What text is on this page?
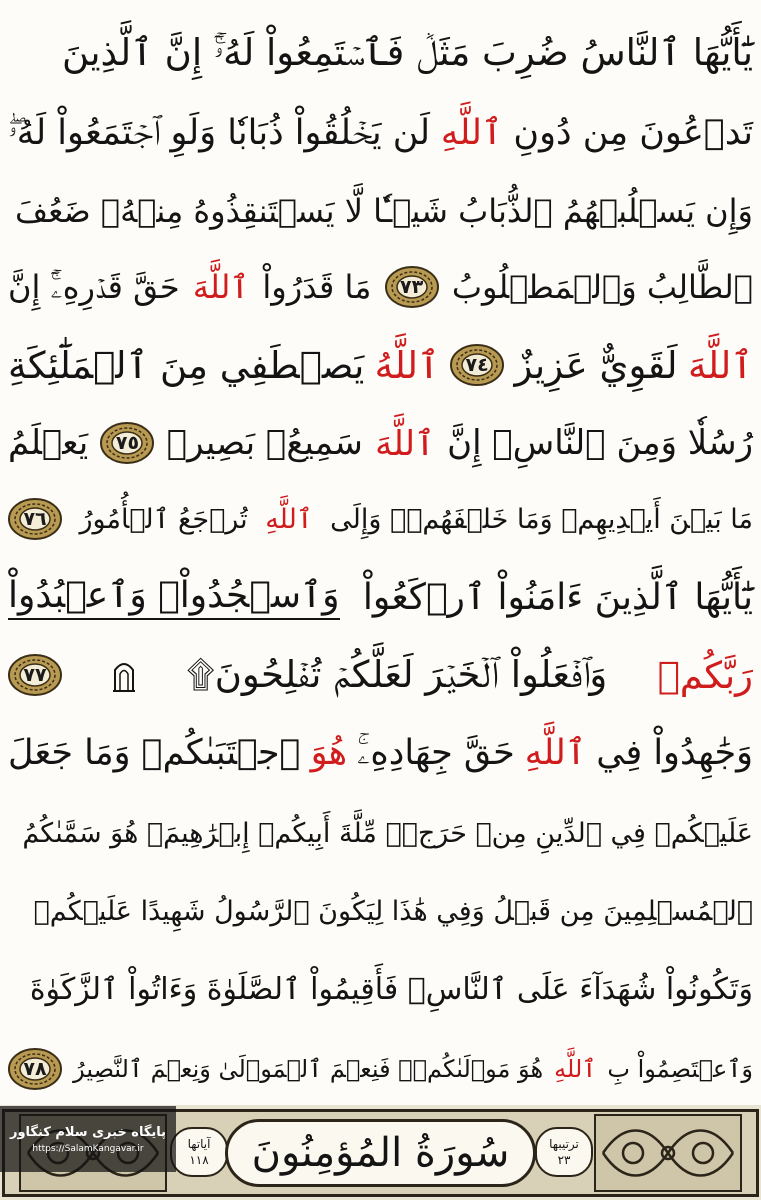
يَٰٓأَيُّهَا ٱلنَّاسُ ضُرِبَ مَثَلٞ فَٱسۡتَمِعُواْ لَهُۥٓۚ إِنَّ ٱلَّذِينَ
تَدۡعُونَ مِن دُونِ
ٱللَّهِ
لَن يَخۡلُقُواْ ذُبَابٗا وَلَوِ ٱجۡتَمَعُواْ لَهُۥۖ
وَإِن يَسۡلُبۡهُمُ ٱلذُّبَابُ شَيۡـٔٗا لَّا يَسۡتَنقِذُوهُ مِنۡهُۚ ضَعُفَ
ٱلطَّالِبُ وَٱلۡمَطۡلُوبُ
٧٣
مَا قَدَرُواْ
ٱللَّهَ
حَقَّ قَدۡرِهِۦٓۚ إِنَّ
ٱللَّهَ
لَقَوِيٌّ عَزِيزٌ
٧٤
ٱللَّهُ
يَصۡطَفِي مِنَ ٱلۡمَلَٰٓئِكَةِ
رُسُلٗا وَمِنَ ٱلنَّاسِۚ إِنَّ
ٱللَّهَ
سَمِيعُۢ بَصِيرٞ
٧٥
يَعۡلَمُ
مَا بَيۡنَ أَيۡدِيهِمۡ وَمَا خَلۡفَهُمۡۗ وَإِلَى
ٱللَّهِ
تُرۡجَعُ ٱلۡأُمُورُ
٧٦
يَٰٓأَيُّهَا ٱلَّذِينَ ءَامَنُواْ ٱرۡكَعُواْ
وَٱسۡجُدُواْۤ وَٱعۡبُدُواْ
رَبَّكُمۡ
وَٱفۡعَلُواْ ٱلۡخَيۡرَ لَعَلَّكُمۡ تُفۡلِحُونَ۩
٧٧
وَجَٰهِدُواْ فِي
ٱللَّهِ
حَقَّ جِهَادِهِۦۚ
هُوَ
ٱجۡتَبَىٰكُمۡ وَمَا جَعَلَ
عَلَيۡكُمۡ فِي ٱلدِّينِ مِنۡ حَرَجٖۚ مِّلَّةَ أَبِيكُمۡ إِبۡرَٰهِيمَۚ هُوَ سَمَّىٰكُمُ
ٱلۡمُسۡلِمِينَ مِن قَبۡلُ وَفِي هَٰذَا لِيَكُونَ ٱلرَّسُولُ شَهِيدًا عَلَيۡكُمۡ
وَتَكُونُواْ شُهَدَآءَ عَلَى ٱلنَّاسِۚ فَأَقِيمُواْ ٱلصَّلَوٰةَ وَءَاتُواْ ٱلزَّكَوٰةَ
وَٱعۡتَصِمُواْ بِ
ٱللَّهِ
هُوَ مَوۡلَىٰكُمۡۖ فَنِعۡمَ ٱلۡمَوۡلَىٰ وَنِعۡمَ ٱلنَّصِيرُ
٧٨
آياتها
١١٨ سُورَةُ المُؤمِنُونَ	ترتيبها
٢٣
پایگاه خبری سلام کنگاور
https://SalamKangavar.ir
